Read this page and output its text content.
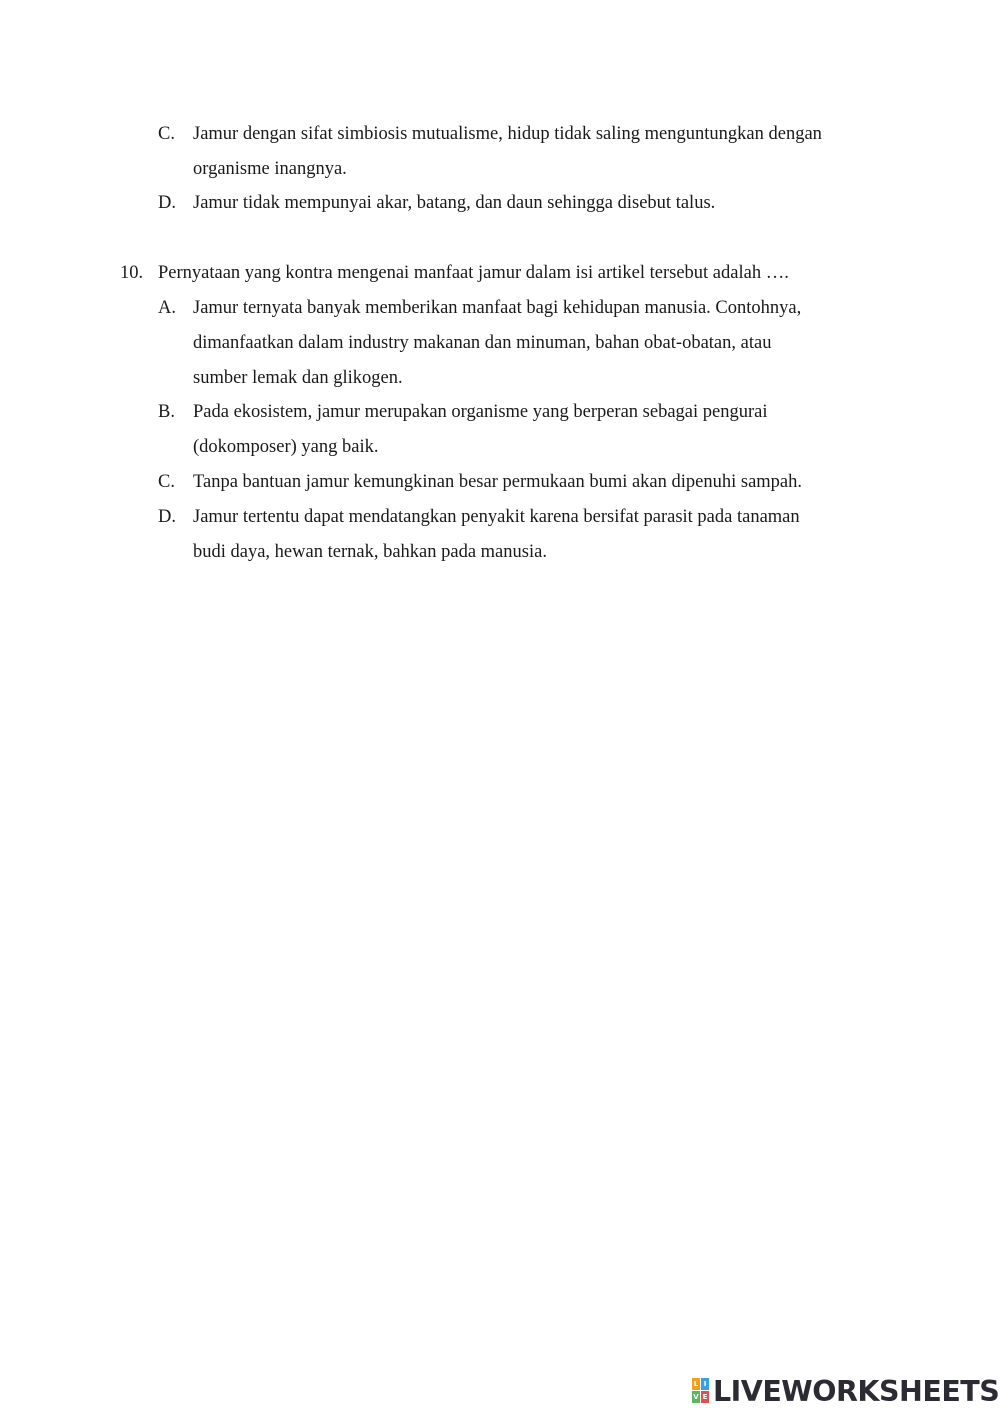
C. Jamur dengan sifat simbiosis mutualisme, hidup tidak saling menguntungkan dengan
organisme inangnya.
D. Jamur tidak mempunyai akar, batang, dan daun sehingga disebut talus.
10. Pernyataan yang kontra mengenai manfaat jamur dalam isi artikel tersebut adalah ….
A. Jamur ternyata banyak memberikan manfaat bagi kehidupan manusia. Contohnya,
dimanfaatkan dalam industry makanan dan minuman, bahan obat-obatan, atau
sumber lemak dan glikogen.
B. Pada ekosistem, jamur merupakan organisme yang berperan sebagai pengurai
(dokomposer) yang baik.
C. Tanpa bantuan jamur kemungkinan besar permukaan bumi akan dipenuhi sampah.
D. Jamur tertentu dapat mendatangkan penyakit karena bersifat parasit pada tanaman
budi daya, hewan ternak, bahkan pada manusia.
L I
V E LIVEWORKSHEETS
